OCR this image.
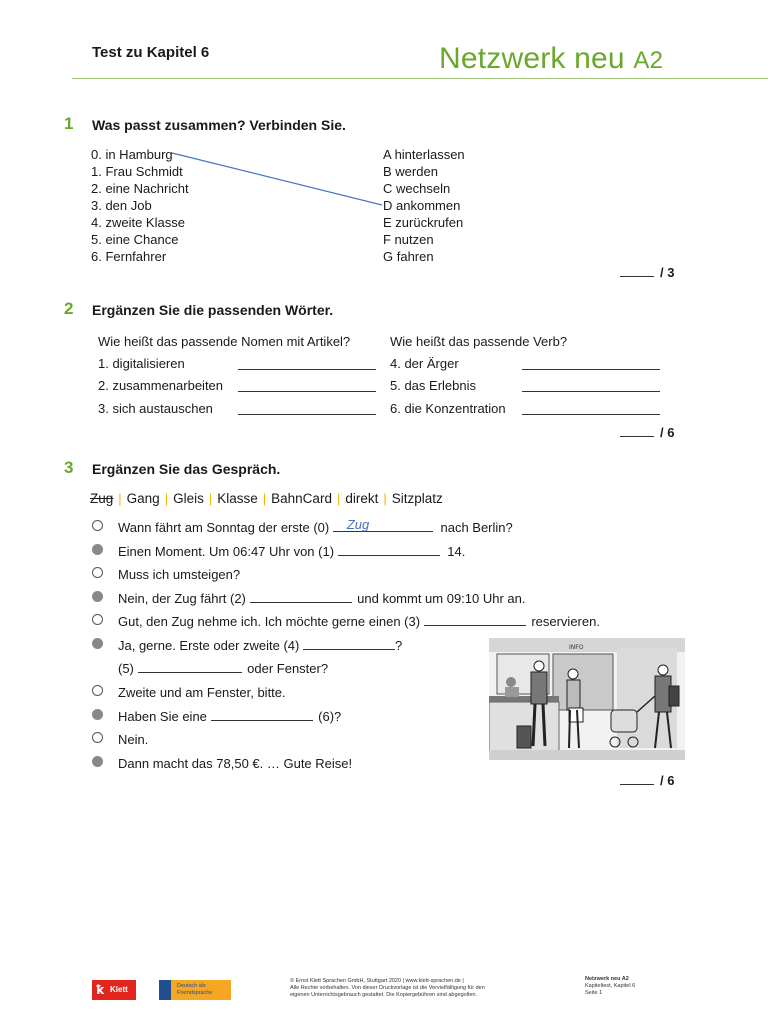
Test zu Kapitel 6	Netzwerk neu A2
1 Was passt zusammen? Verbinden Sie.
0. in Hamburg
1. Frau Schmidt
2. eine Nachricht
3. den Job
4. zweite Klasse
5. eine Chance
6. Fernfahrer
A hinterlassen
B werden
C wechseln
D ankommen
E zurückrufen
F nutzen
G fahren
/ 3
2 Ergänzen Sie die passenden Wörter.
Wie heißt das passende Nomen mit Artikel?	Wie heißt das passende Verb?
1. digitalisieren
2. zusammenarbeiten
3. sich austauschen
4. der Ärger
5. das Erlebnis
6. die Konzentration
/ 6
3 Ergänzen Sie das Gespräch.
Zug | Gang | Gleis | Klasse | BahnCard | direkt | Sitzplatz
Wann fährt am Sonntag der erste (0) Zug	nach Berlin?
Einen Moment. Um 06:47 Uhr von (1)	14.
Muss ich umsteigen?
Nein, der Zug fährt (2)	und kommt um 09:10 Uhr an.
Gut, den Zug nehme ich. Ich möchte gerne einen (3)	reservieren.
Ja, gerne. Erste oder zweite (4)	?
(5)	oder Fenster?
Zweite und am Fenster, bitte.
Haben Sie eine	(6)?
Nein.
Dann macht das 78,50 €. … Gute Reise!
INFO
/ 6
ꝁ Klett	Deutsch als Fremdsprache
© Ernst Klett Sprachen GmbH, Stuttgart 2020 | www.klett-sprachen.de |
Alle Rechte vorbehalten. Von dieser Druckvorlage ist die Vervielfältigung für den
eigenen Unterrichtsgebrauch gestattet. Die Kopiergebühren sind abgegolten.
Netzwerk neu A2
Kapiteltest, Kapitel 6
Seite 1
